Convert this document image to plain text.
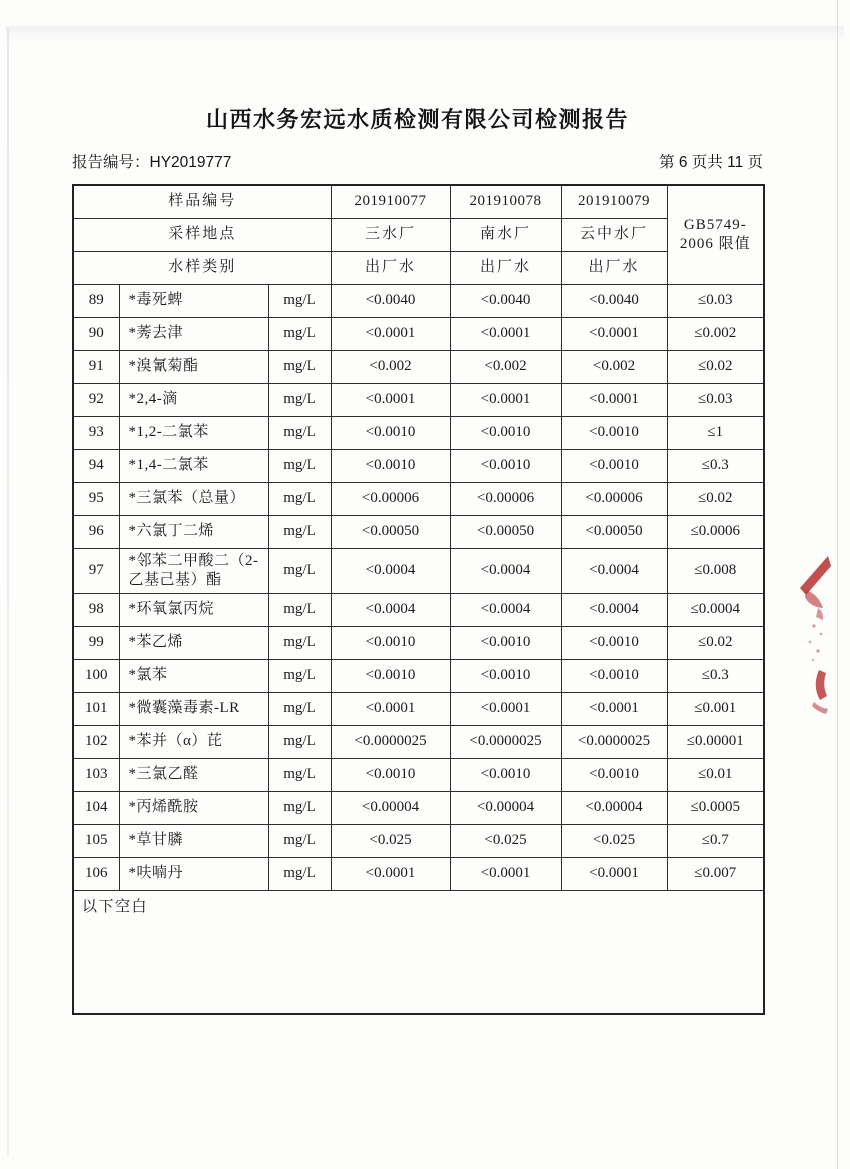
山西水务宏远水质检测有限公司检测报告
报告编号：HY2019777	第 6 页共 11 页
样品编号			201910077	201910078	201910079	GB5749-
2006 限值
采样地点			三水厂	南水厂	云中水厂	
水样类别			出厂水	出厂水	出厂水	
89	*毒死蜱	mg/L	<0.0040	<0.0040	<0.0040	≤0.03
90	*莠去津	mg/L	<0.0001	<0.0001	<0.0001	≤0.002
91	*溴氰菊酯	mg/L	<0.002	<0.002	<0.002	≤0.02
92	*2,4-滴	mg/L	<0.0001	<0.0001	<0.0001	≤0.03
93	*1,2-二氯苯	mg/L	<0.0010	<0.0010	<0.0010	≤1
94	*1,4-二氯苯	mg/L	<0.0010	<0.0010	<0.0010	≤0.3
95	*三氯苯（总量）	mg/L	<0.00006	<0.00006	<0.00006	≤0.02
96	*六氯丁二烯	mg/L	<0.00050	<0.00050	<0.00050	≤0.0006
97	*邻苯二甲酸二（2-乙基己基）酯	mg/L	<0.0004	<0.0004	<0.0004	≤0.008
98	*环氧氯丙烷	mg/L	<0.0004	<0.0004	<0.0004	≤0.0004
99	*苯乙烯	mg/L	<0.0010	<0.0010	<0.0010	≤0.02
100	*氯苯	mg/L	<0.0010	<0.0010	<0.0010	≤0.3
101	*微囊藻毒素-LR	mg/L	<0.0001	<0.0001	<0.0001	≤0.001
102	*苯并（α）芘	mg/L	<0.0000025	<0.0000025	<0.0000025	≤0.00001
103	*三氯乙醛	mg/L	<0.0010	<0.0010	<0.0010	≤0.01
104	*丙烯酰胺	mg/L	<0.00004	<0.00004	<0.00004	≤0.0005
105	*草甘膦	mg/L	<0.025	<0.025	<0.025	≤0.7
106	*呋喃丹	mg/L	<0.0001	<0.0001	<0.0001	≤0.007
以下空白						
